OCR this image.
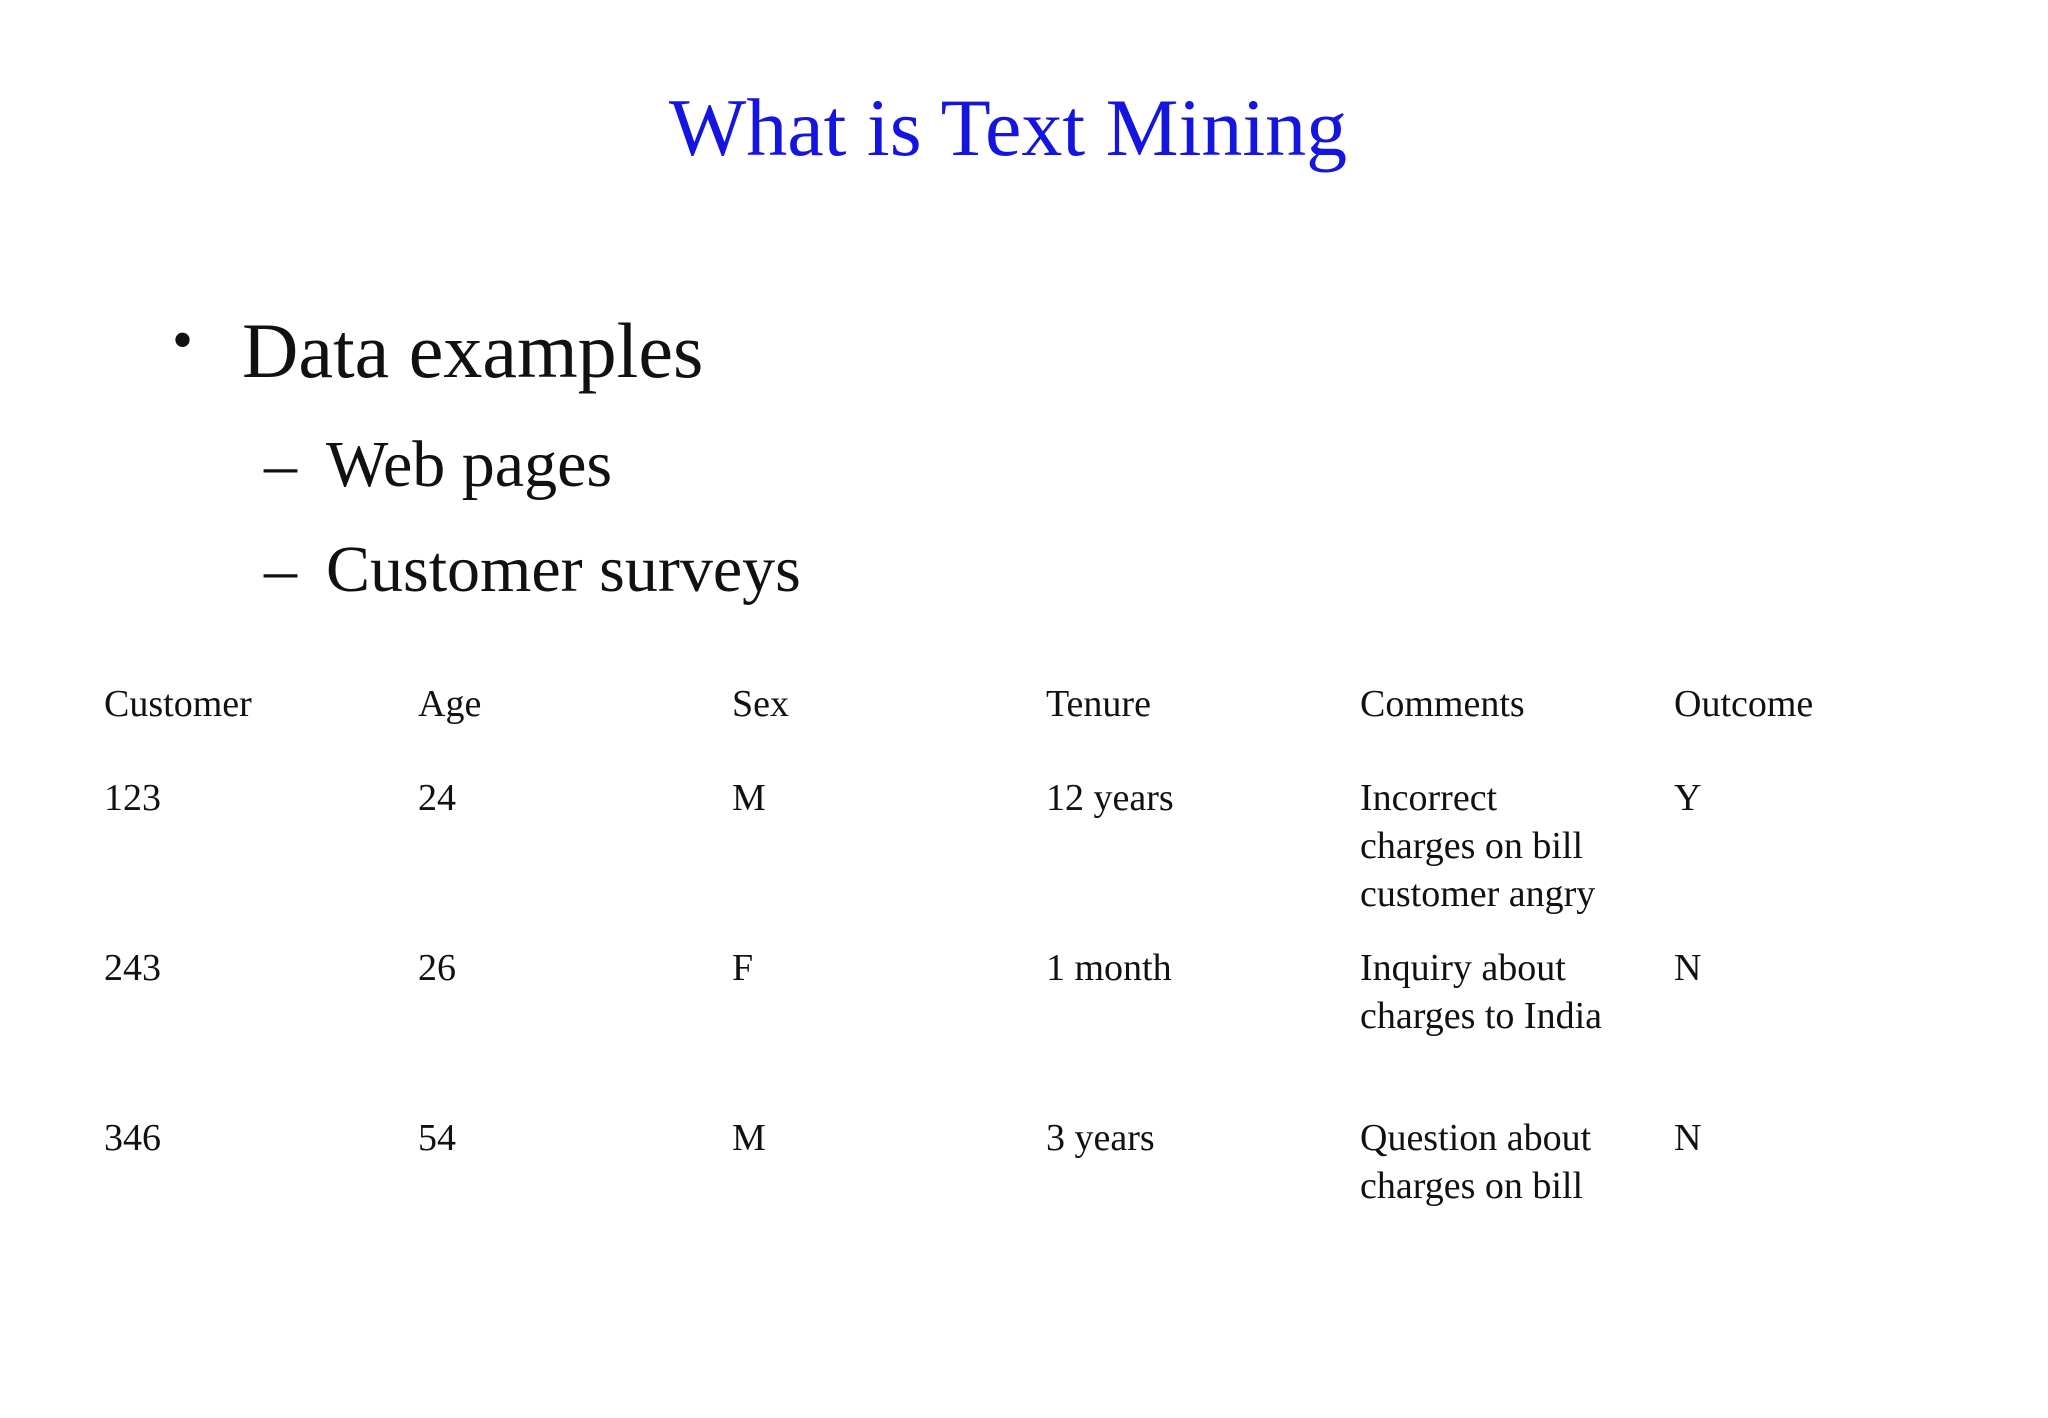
What is Text Mining
• Data examples
– Web pages
– Customer surveys
Customer	Age	Sex	Tenure	Comments	Outcome
123	24	M	12 years	Incorrect
charges on bill
customer angry	Y
243	26	F	1 month	Inquiry about
charges to India	N
346	54	M	3 years	Question about
charges on bill	N
